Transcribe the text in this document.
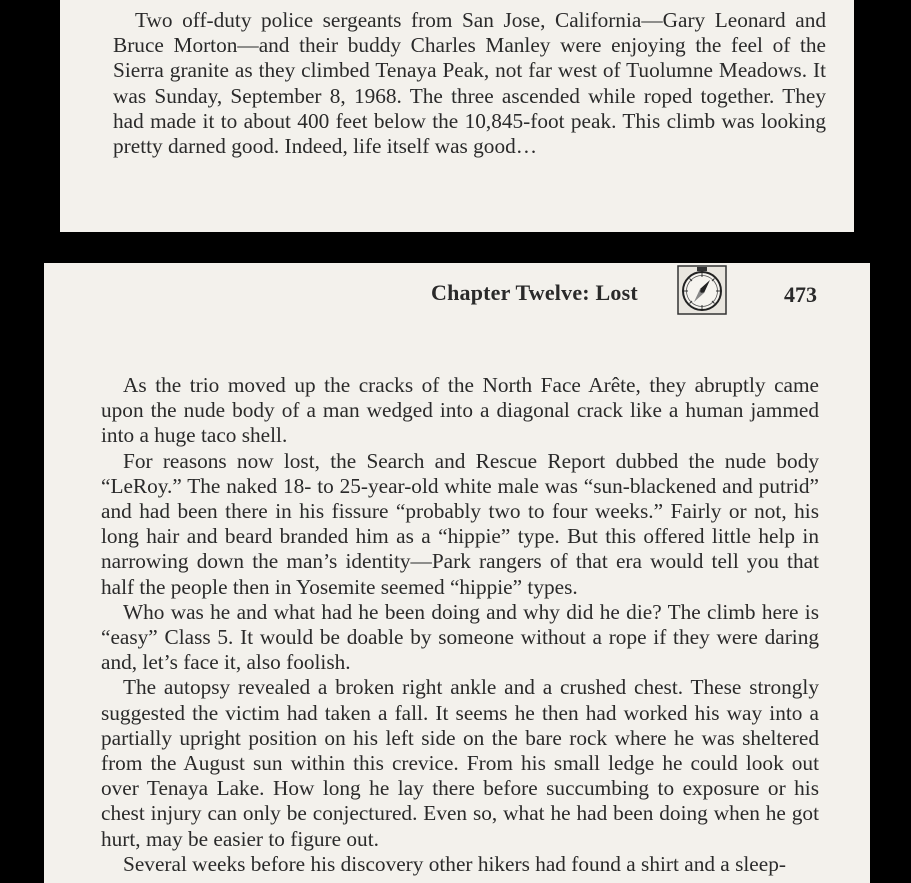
Two off-duty police sergeants from San Jose, California—Gary Leonard and Bruce Morton—and their buddy Charles Manley were enjoying the feel of the Sierra granite as they climbed Tenaya Peak, not far west of Tuolumne Meadows. It was Sunday, September 8, 1968. The three ascended while roped together. They had made it to about 400 feet below the 10,845-foot peak. This climb was looking pretty darned good. Indeed, life itself was good…

Chapter Twelve: Lost	473

As the trio moved up the cracks of the North Face Arête, they abruptly came upon the nude body of a man wedged into a diagonal crack like a human jammed into a huge taco shell.

For reasons now lost, the Search and Rescue Report dubbed the nude body “LeRoy.” The naked 18- to 25-year-old white male was “sun-blackened and putrid” and had been there in his fissure “probably two to four weeks.” Fairly or not, his long hair and beard branded him as a “hippie” type. But this offered little help in narrowing down the man’s identity—Park rangers of that era would tell you that half the people then in Yosemite seemed “hippie” types.

Who was he and what had he been doing and why did he die? The climb here is “easy” Class 5. It would be doable by someone without a rope if they were daring and, let’s face it, also foolish.

The autopsy revealed a broken right ankle and a crushed chest. These strongly suggested the victim had taken a fall. It seems he then had worked his way into a partially upright position on his left side on the bare rock where he was sheltered from the August sun within this crevice. From his small ledge he could look out over Tenaya Lake. How long he lay there before succumbing to exposure or his chest injury can only be conjectured. Even so, what he had been doing when he got hurt, may be easier to figure out.

Several weeks before his discovery other hikers had found a shirt and a sleep-
